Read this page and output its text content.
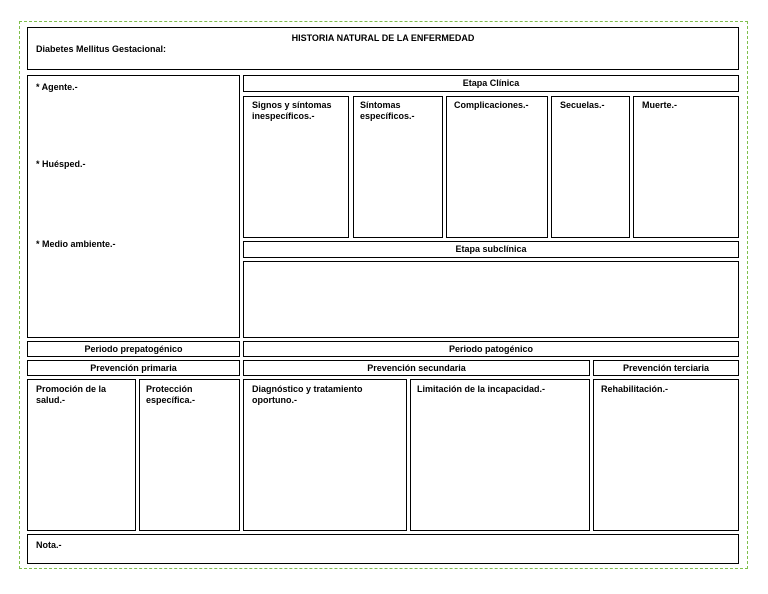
HISTORIA NATURAL DE LA ENFERMEDAD
Diabetes Mellitus Gestacional:
* Agente.-
* Huésped.-
* Medio ambiente.-
Etapa Clínica
Signos y síntomas inespecíficos.-
Síntomas específicos.-
Complicaciones.-	Secuelas.-	Muerte.-
Etapa subclínica
Periodo prepatogénico	Periodo patogénico
Prevención primaria	Prevención secundaria	Prevención terciaria
Promoción de la salud.-
Protección específica.-
Diagnóstico y tratamiento oportuno.-
Limitación de la incapacidad.-	Rehabilitación.-
Nota.-
